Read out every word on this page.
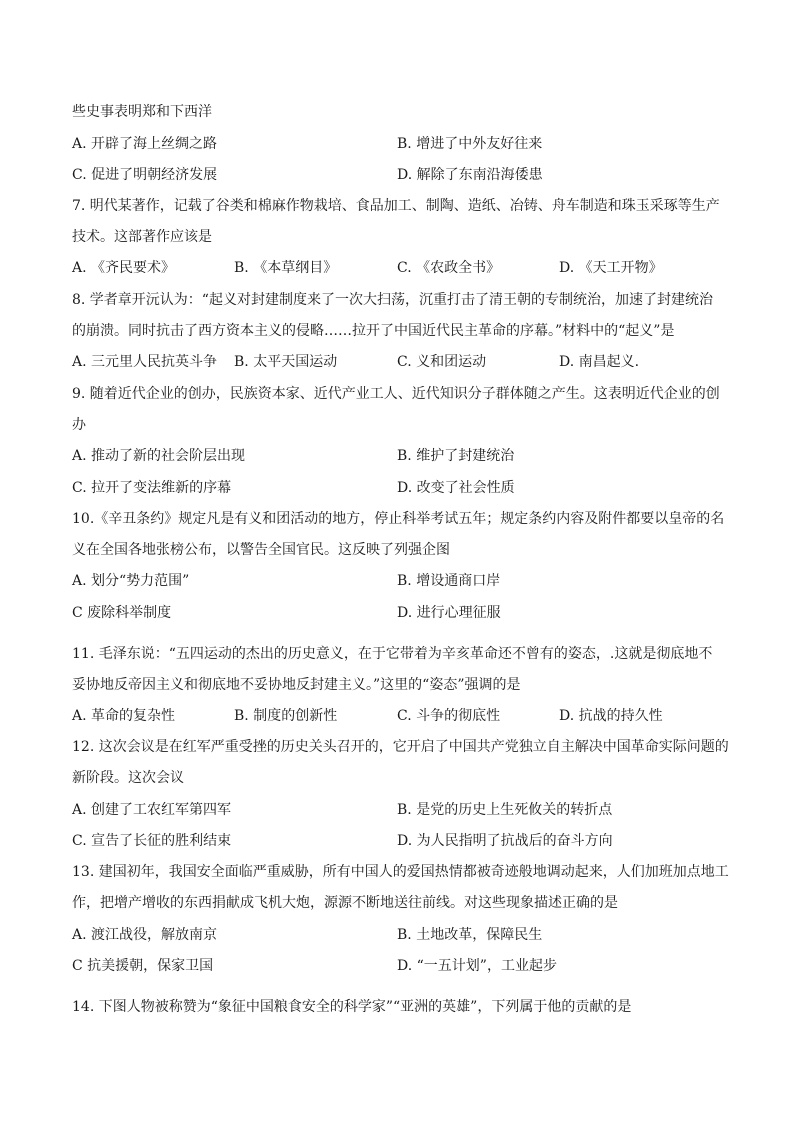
些史事表明郑和下西洋
A. 开辟了海上丝绸之路	B. 增进了中外友好往来
C. 促进了明朝经济发展	D. 解除了东南沿海倭患
7. 明代某著作，记载了谷类和棉麻作物栽培、食品加工、制陶、造纸、冶铸、舟车制造和珠玉采琢等生产
技术。这部著作应该是
A. 《齐民要术》	B. 《本草纲目》	C. 《农政全书》	D. 《天工开物》
8. 学者章开沅认为：“起义对封建制度来了一次大扫荡，沉重打击了清王朝的专制统治，加速了封建统治
的崩溃。同时抗击了西方资本主义的侵略……拉开了中国近代民主革命的序幕。”材料中的“起义”是
A. 三元里人民抗英斗争 B. 太平天国运动	C. 义和团运动	D. 南昌起义.
9. 随着近代企业的创办，民族资本家、近代产业工人、近代知识分子群体随之产生。这表明近代企业的创
办
A. 推动了新的社会阶层出现	B. 维护了封建统治
C. 拉开了变法维新的序幕	D. 改变了社会性质
10.《辛丑条约》规定凡是有义和团活动的地方，停止科举考试五年；规定条约内容及附件都要以皇帝的名
义在全国各地张榜公布，以警告全国官民。这反映了列强企图
A. 划分“势力范围”	B. 增设通商口岸
C 废除科举制度	D. 进行心理征服
11. 毛泽东说：“五四运动的杰出的历史意义，在于它带着为辛亥革命还不曾有的姿态，.这就是彻底地不
妥协地反帝因主义和彻底地不妥协地反封建主义。”这里的“姿态”强调的是
A. 革命的复杂性	B. 制度的创新性	C. 斗争的彻底性	D. 抗战的持久性
12. 这次会议是在红军严重受挫的历史关头召开的，它开启了中国共产党独立自主解决中国革命实际问题的
新阶段。这次会议
A. 创建了工农红军第四军	B. 是党的历史上生死攸关的转折点
C. 宣告了长征的胜利结束	D. 为人民指明了抗战后的奋斗方向
13. 建国初年，我国安全面临严重威胁，所有中国人的爱国热情都被奇迹般地调动起来，人们加班加点地工
作，把增产增收的东西捐献成飞机大炮，源源不断地送往前线。对这些现象描述正确的是
A. 渡江战役，解放南京	B. 土地改革，保障民生
C 抗美援朝，保家卫国	D. “一五计划”，工业起步
14. 下图人物被称赞为“象征中国粮食安全的科学家”“亚洲的英雄”，下列属于他的贡献的是
